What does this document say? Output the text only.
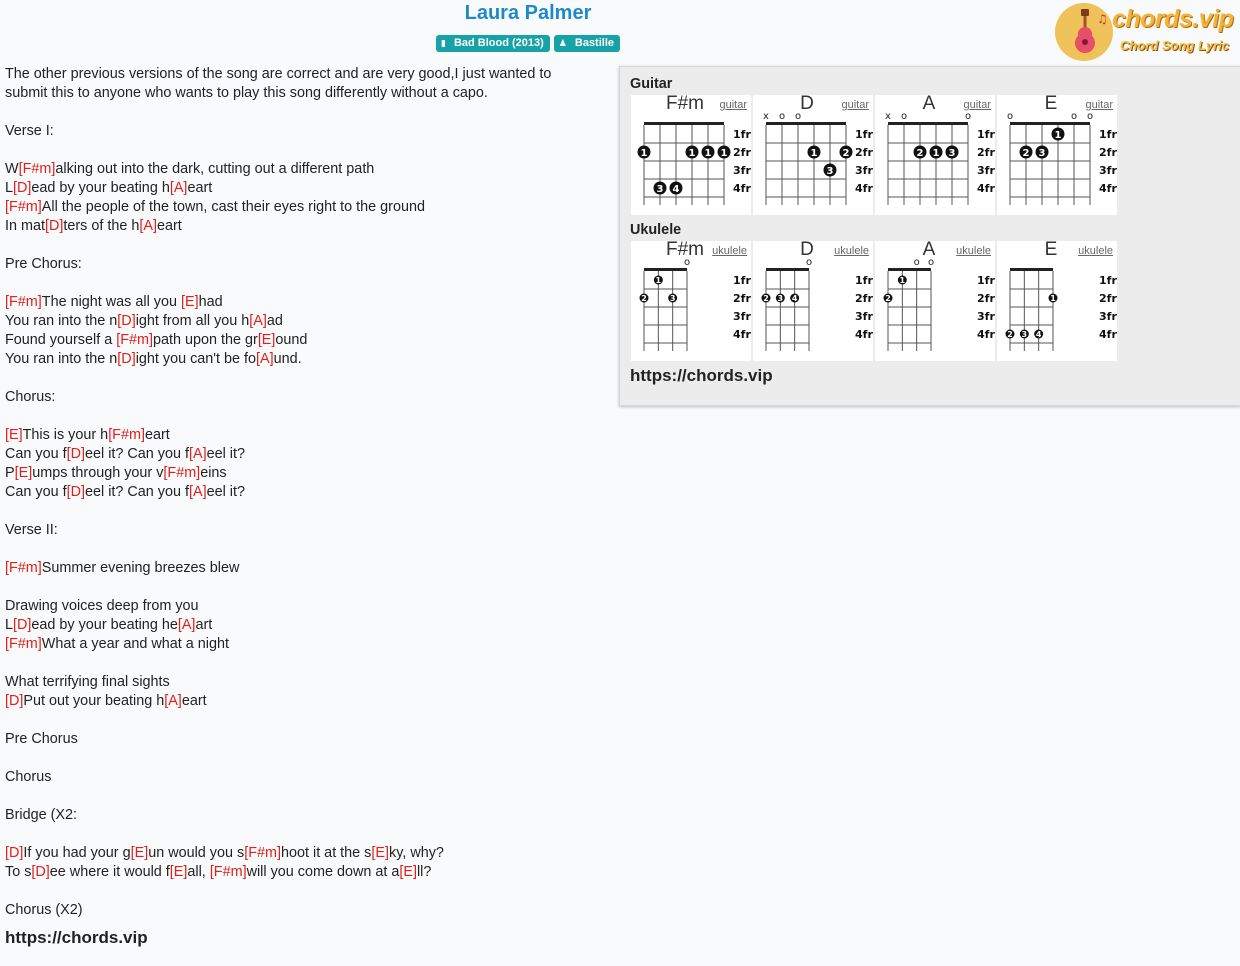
Laura Palmer
▮ Bad Blood (2013) ♟ Bastille
♫ chords.vip
Chord Song Lyric
The other previous versions of the song are correct and are very good,I just wanted to
submit this to anyone who wants to play this song differently without a capo.
Verse I:
W[F#m]alking out into the dark, cutting out a different path
L[D]ead by your beating h[A]eart
[F#m]All the people of the town, cast their eyes right to the ground
In mat[D]ters of the h[A]eart
Pre Chorus:
[F#m]The night was all you [E]had
You ran into the n[D]ight from all you h[A]ad
Found yourself a [F#m]path upon the gr[E]ound
You ran into the n[D]ight you can't be fo[A]und.
Chorus:
[E]This is your h[F#m]eart
Can you f[D]eel it? Can you f[A]eel it?
P[E]umps through your v[F#m]eins
Can you f[D]eel it? Can you f[A]eel it?
Verse II:
[F#m]Summer evening breezes blew
Drawing voices deep from you
L[D]ead by your beating he[A]art
[F#m]What a year and what a night
What terrifying final sights
[D]Put out your beating h[A]eart
Pre Chorus
Chorus
Bridge (X2:
[D]If you had your g[E]un would you s[F#m]hoot it at the s[E]ky, why?
To s[D]ee where it would f[E]all, [F#m]will you come down at a[E]ll?
Chorus (X2)
https://chords.vip
Guitar
1fr
2fr
3fr
4fr
1
3 4
1 1 1
F#m	guitar
1fr
2fr
3fr
4fr
x o o
1
3
2
D	guitar
1fr
2fr
3fr
4fr
x o	o
2 1 3
A	guitar
1fr
2fr
3fr
4fr
o	o o
2 3
1
E	guitar
Ukulele
1fr
2fr
3fr
4fr
o
2
1
3
F#m ukulele
1fr
2fr
3fr
4fr
o
2 3 4
D	ukulele
1fr
2fr
3fr
4fr
o o
2
1
A	ukulele
1fr
2fr
3fr
4fr
2 3 4
1
E	ukulele
https://chords.vip
